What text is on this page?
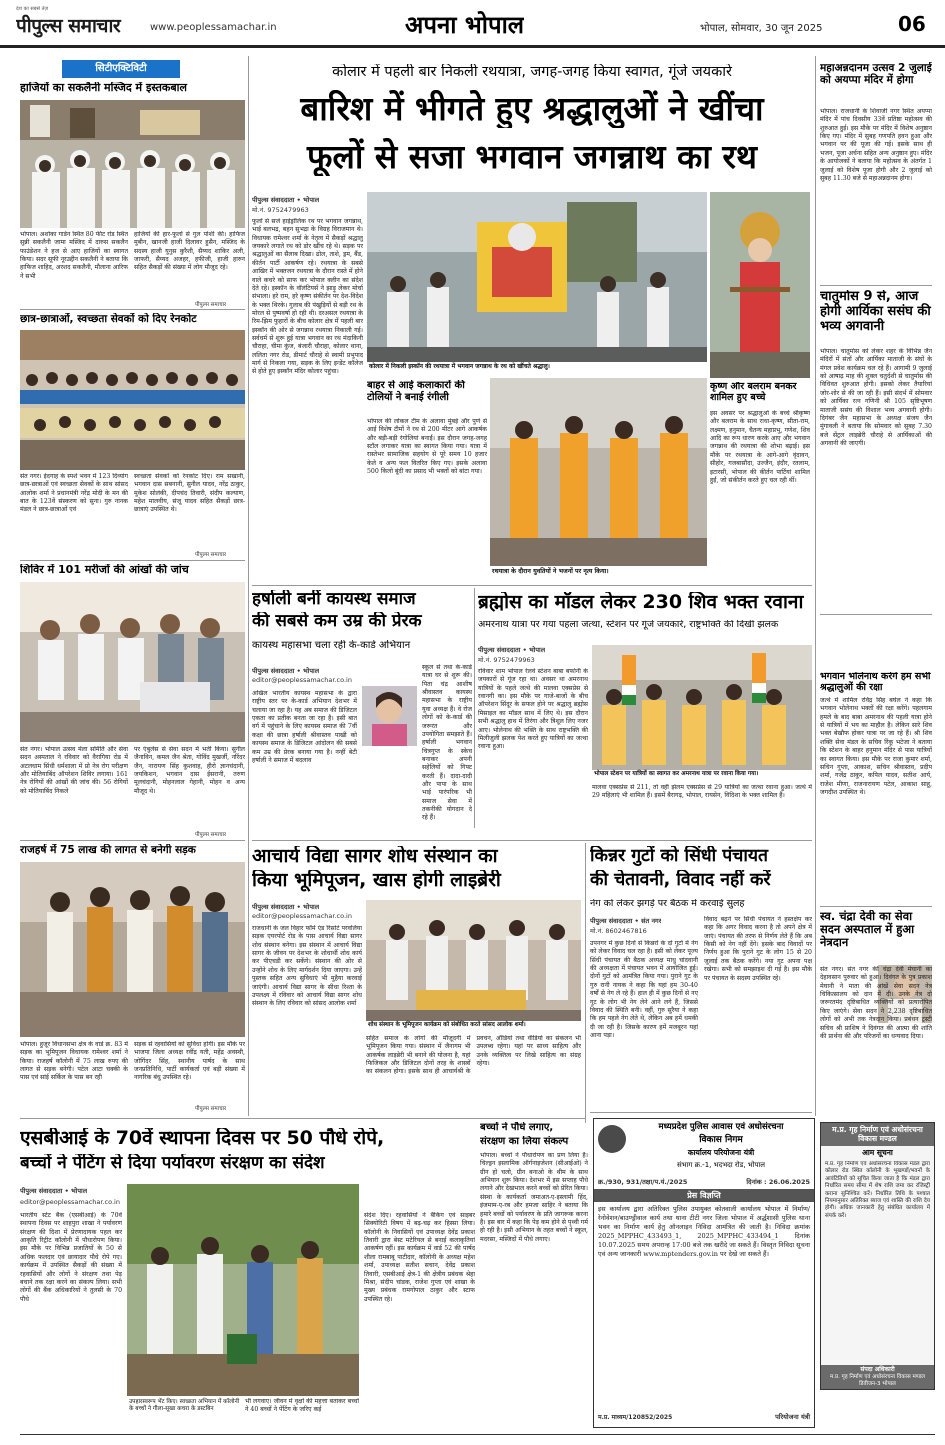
देश का सबसे तेज़
पीपुल्स समाचार	www.peoplessamachar.in	अपना भोपाल	भोपाल, सोमवार, 30 जून 2025	06
सिटीएक्टिविटी
हाजियों का सकलैनी मस्जिद में इस्तकबाल
भोपाल। अशोका गार्डन स्थित 80 फीट रोड स्थित सुन्नी सकलैनी जामा मस्जिद में दारुस सकलैन फाउंडेशन ने हज से आए हाजियों का स्वागत किया। सदर सूफी नूरउद्दीन सकलैनी ने बताया कि हाफिज शाहिद, अरशद सकलैनी, मौलाना आरिफ ने सभी
हाजियों की हार-फूलों से गुल पोशी की। हाफिज मुबीन, खानजी हाजी दिलावर हुसैन, मस्जिद के सदस्य हाजी युनुस कुरैशी, सैय्यद शाकिर अली, जाफरी, सैय्यद अजहर, हफीजी, हाजी हारुन सहित सैकड़ों की संख्या में लोग मौजूद रहे।
पीपुल्स समाचार
छात्र-छात्राओं, स्वच्छता सेवकों को दिए रेनकोट
संत नगर। ईदगाह के स्पर्श भवन में 123 दिव्यांग छात्र-छात्राओं एवं स्वच्छता सेवकों के साथ सांसद आलोक शर्मा ने प्रधानमंत्री नरेंद्र मोदी के मन की बात के 123वें संस्करण को सुना। गुरु नानक मंडल ने छात्र-छात्राओं एवं
स्वच्छता सेवकों को रेनकोट दिए। राम सखानी, भगवान दास सबनानी, सुनील यादव, नरेंद्र ठाकुर, मुकेश सोलंकी, दीपचंद तिवारी, संदीप कल्याण, महेश मालवीय, संजू यादव सहित सैकड़ों छात्र-छात्राएं उपस्थित थे।
पीपुल्स समाचार
शिविर में 101 मरीजों की आंखों की जांच
संत नगर। भोपाल उत्सव मेला समिति और सेवा सदन अस्पताल ने रविवार को वैरागिया रोड में अटलधाम सिंधी धर्मशाला में प्रो नेत्र रोग परीक्षण और मोतियाबिंद ऑपरेशन शिविर लगाया। 161 नेत्र रोगियों की आंखों की जांच की। 56 रोगियों को मोतियाबिंद निकले
पर एंबुलेंस से सेवा सदन में भर्ती किया। सुनील जैनाविन, कमल जैन श्रेता, गोविंद मुखर्जी, नरिंदर जैन, नारायण सिंह कुशवाह, हीरो ज्ञानचंदानी, जयकिशन, भगवान दास ईसरानी, तरुण मूलचंदानी, मोहनलाल गेहानी, मोहन व अन्य मौजूद थे।
पीपुल्स समाचार
राजहर्ष में 75 लाख की लागत से बनेगी सड़क
भोपाल। हुजूर विधानसभा क्षेत्र के वार्ड क्र. 83 में सड़क का भूमिपूजन विधायक रामेश्वर शर्मा ने किया। राजहर्ष कॉलोनी में 75 लाख रुपए की लागत से सड़क बनेगी। पटेल आटा चक्की के पास एवं सांई सर्किल के पास बन रही
सड़क से रहवासियों को सुविधा होगी। इस मौके पर भाजपा जिला अध्यक्ष रवींद्र यती, महेंद्र अवस्थी, जोगिंदर सिंह, स्थानीय पार्षद के साथ जनप्रतिनिधि, पार्टी कार्यकर्ता एवं बड़ी संख्या में नागरिक बंधु उपस्थित रहे।
पीपुल्स समाचार
कोलार में पहली बार निकली रथयात्रा, जगह-जगह किया स्वागत, गूंजे जयकारे
बारिश में भीगते हुए श्रद्धालुओं ने खींचा
फूलों से सजा भगवान जगन्नाथ का रथ
पीपुल्स संवाददाता • भोपाल
मो.नं. 9752479963
फूलों से सजे हाईड्रोलिक रथ पर भगवान जगन्नाथ, भाई बलभद्र, बहन सुभद्रा के विग्रह विराजमान थे। विधायक रामेश्वर शर्मा के नेतृत्व में सैकड़ों श्रद्धालु जयकारे लगाते रथ को डोर खींच रहे थे। सड़क पर श्रद्धालुओं का सैलाब दिखा। ढोल, ताशे, ड्रम, बैंड, कीर्तन पार्टी आकर्षण रहे। रथयात्रा के सबसे आखिर में भक्तजन रथयात्रा के दौरान रास्ते में होने वाले कचरे को साफ कर भोपाल क्लीन का संदेश देते रहे। इस्कॉन के वॉलंटियर्स ने झाड़ू लेकर मोर्चा संभाला। हरे राम, हरे कृष्ण संकीर्तन पर देश-विदेश के भक्त थिरके। गुलाब की पंखुड़ियों से बड़ी रथ के मोरल से पुष्पवर्षा हो रही थी। दरअसल रथयात्रा के रिम-झिम फुहारों के बीच कोलार क्षेत्र में पहली बार इस्कॉन की ओर से जगन्नाथ रथयात्रा निकाली गई। सर्वधर्म से शुरू हुई यात्रा भगवान का रथ मंदाकिनी चौराहा, चीमा कुंज, बंजारी चौराहा, कोलार थाना, ललिता नगर रोड, डीमार्ट चौराहे से स्वामी प्रभुपाद मार्ग से निकला गया, सड़क के लिए इन्डेंट कॉलेज से होते हुए इस्कॉन मंदिर कोलार पहुंचा।
कोलार में निकली इस्कॉन की रथयात्रा में भगवान जगन्नाथ के रथ को खींचते श्रद्धालु।
बाहर से आई कलाकारों की टोलियों ने बनाई रंगीली
भोपाल की लोकल टीम के अलावा मुंबई और पुणे से आई विशेष टीमों ने रथ से 200 मीटर आगे आकर्षक और बड़ी-बड़ी रंगोलियां बनाईं। इस दौरान जगह-जगह स्टॉल लगाकर यात्रा का स्वागत किया गया। यात्रा में रास्तेभर सामाजिक सहयोग से पूरे समय 10 हजार केले व अन्य फल वितरित किए गए। इसके अलावा 500 किलो बूंदी का प्रसाद भी भक्तों को बांटा गया।
रथयात्रा के दौरान युवतियों ने भजनों पर नृत्य किया।
कृष्ण और बलराम बनकर शामिल हुए बच्चे
इस अवसर पर श्रद्धालुओं के बच्चे श्रीकृष्ण और बलराम के साथ राधा-कृष्ण, सीता-राम, लक्ष्मण, हनुमान, चैतन्य महाप्रभु, गणेश, शिव आदि का रूप धारण करके आए और भगवान जगन्नाथ की रथयात्रा की शोभा बढ़ाई। इस मौके पर रथयात्रा के आगे-आगे वृंदावन, सीहोर, गजबासौदा, उज्जैन, इंदौर, रतलाम, इटारसी, भोपाल की कीर्तन पार्टियां शामिल हुईं, जो संकीर्तन करते हुए चल रही थीं।
महाअन्नदानम उत्सव 2 जुलाई को अयप्पा मंदिर में होगा
भोपाल। राजधानी के शिवाजी नगर स्थित अयप्पा मंदिर में पांच दिवसीय 33वें प्रतिष्ठा महोत्सव की शुरुआत हुई। इस मौके पर मंदिर में विशेष अनुष्ठान किए गए। मंदिर में सुबह गणपति हवन हुआ और भगवान पर की पूजा की गई। इसके साथ ही भजन, पूजा अर्चना सहित अन्य अनुष्ठान हुए। मंदिर के आयोजकों ने बताया कि महोत्सव के अंतर्गत 1 जुलाई को विशेष पूजा होगी और 2 जुलाई को सुबह 11.30 बजे से महाअन्नदानम होगा।
चातुर्मास 9 से, आज होगी आर्यिका ससंघ की भव्य अगवानी
भोपाल। चातुर्मास को लेकर शहर के विभिन्न जैन मंदिरों में संतों और आर्यिका माताजी के संघों के मंगल प्रवेश कार्यक्रम चल रहे हैं। आगामी 9 जुलाई को आषाढ़ माह की शुक्ल चतुर्दशी से चातुर्मास की विधिवत शुरुआत होगी। इसको लेकर तैयारियां जोर-शोर से की जा रही हैं। इसी संदर्भ में सोमवार को आर्यिका रत्न गणिनी श्री 105 सृष्टिभूषण माताजी ससंघ की विशाल भव्य अगवानी होगी। दिगंबर जैन महासभा के अध्यक्ष संजय जैन मुंगावली ने बताया कि सोमवार को सुबह 7.30 बजे सेंट्रल लाइब्रेरी चौराहे से आर्यिकाओं की अगवानी की जाएगी।
भगवान भोलेनाथ करेंगे हम सभी श्रद्धालुओं की रक्षा
जत्थे में शामिल रविंद्र सिंह बघेल ने कहा कि भगवान भोलेनाथ भक्तों की रक्षा करेंगे। पहलगाम हमले के बाद बाबा अमरनाथ की पहली यात्रा होने से यात्रियों में भय का माहौल है। लेकिन सारे शिव भक्त बेखौफ होकर यात्रा पर जा रहे हैं। श्री शिव शक्ति सेवा मंडल के सचिव रिंकू भटेजा ने बताया कि स्टेशन के बाहर हनुमान मंदिर से पास यात्रियों का स्वागत किया। इस मौके पर राजा कुमार शर्मा, सचिन गुप्ता, आकाश, सचिन श्रीवास्तव, प्रदीप शर्मा, गजेंद्र ठाकुर, कपिल यादव, सतीश आर्य, राजेश मीणा, राजनारायण पटेल, आकाश साहू, जगदीश उपस्थित थे।
स्व. चंद्रा देवी का सेवा सदन अस्पताल में हुआ नेत्रदान
संत नगर। संत नगर की चंद्रा देवी मेघानी का देहावसान पुरुवार को हुआ। दिवंगत के पुत्र प्रकाश मेघानी ने माता की आंखें सेवा सदन नेत्र चिकित्सालय को दान में दी। उनके नेत्र दो जरूरतमंद दृष्टिबाधित व्यक्तियों को प्रत्यारोपित किए जाएंगे। सेवा सदन ने 2,238 दृष्टिबाधित लोगों को अभी तक नेत्रदान किया। प्रबंधन ट्रस्टी सचिव श्री प्राशिष ने दिवंगत की आत्मा की शांति की प्रार्थना की और परिजनों का धन्यवाद दिया।
म.प्र. गृह निर्माण एवं अधोसंरचना विकास मण्डल
आम सूचना
म.प्र. गृह निर्माण एवं अधोसंरचना विकास मंडल द्वारा कोलार रोड स्थित कॉलोनी के भूखण्डों/भवनों के आवंटितियों को सूचित किया जाता है कि मंडल द्वारा निर्धारित समय सीमा में शेष राशि जमा कर रजिस्ट्री कराना सुनिश्चित करें। निर्धारित तिथि के पश्चात नियमानुसार अतिरिक्त ब्याज एवं शास्ति की राशि देय होगी। अधिक जानकारी हेतु संबंधित कार्यालय में संपर्क करें।
संपदा अधिकारी
म.प्र. गृह निर्माण एवं अधोसंरचना विकास मण्डल डिवीजन-3 भोपाल
हर्षाली बनीं कायस्थ समाज
की सबसे कम उम्र की प्रेरक
कायस्थ महासभा चला रही के-कार्ड अभियान
पीपुल्स संवाददाता • भोपाल
editor@peoplessamachar.co.in
अखिल भारतीय कायस्थ महासभा के द्वारा राष्ट्रीय स्तर पर के-कार्ड अभियान देशभर में चलाया जा रहा है। यह अब समाज की डिजिटल एकता का प्रतीक बनता जा रहा है। इसी बात वर्ग में पहुंचाने के लिए कायस्थ समाज की 7वीं कक्षा की छात्रा हर्षाली श्रीवास्तव पाखी को कायस्थ समाज के डिजिटल आंदोलन की सबसे कम उम्र की प्रेरक बनाया गया है। नन्हीं बेटी हर्षाली ने समाज में बदलाव
स्कूल से तथा के-कार्ड यात्रा घर से शुरू की। पिता चंद्र आशीष श्रीवास्तव कायस्थ महासभा के राष्ट्रीय युवा अध्यक्ष हैं। वे रोज लोगों को के-कार्ड की जरूरत और उपयोगिता समझाते हैं। हर्षाली भगवान चित्रगुप्त के स्केच बनाकर अपनी सहेलियों को गिफ्ट करती हैं। दादा-दादी और पापा के साथ भाई पारंपरिक भी समाज सेवा में तकनीकी योगदान दे रहे हैं।
ब्रह्मोस का मॉडल लेकर 230 शिव भक्त रवाना
अमरनाथ यात्रा पर गया पहला जत्था, स्टेशन पर गूंजे जयकारे, राष्ट्रभक्ति की दिखी झलक
पीपुल्स संवाददाता • भोपाल
मो.नं. 9752479963
रविवार शाम भोपाल रेलवे स्टेशन बाबा बर्फानी के जयकारों से गूंज रहा था। अवसर था अमरनाथ यात्रियों के पहले जत्थे की मालवा एक्सप्रेस से रवानगी का। इस मौके पर गाजे-बाजों के बीच ऑपरेशन सिंदूर के सफल होने पर श्रद्धालु ब्रह्मोस मिसाइल का मॉडल साथ में लिए थे। इस दौरान सभी श्रद्धालु हाथ में तिरंगा और त्रिशूल लिए नजर आए। भोलेनाथ की भक्ति के साथ राष्ट्रभक्ति की मिलीजुली झलक पेश करते हुए यात्रियों का जत्था रवाना हुआ।
भोपाल स्टेशन पर यात्रियों का स्वागत कर अमरनाथ यात्रा पर रवाना किया गया।
मालवा एक्सप्रेस से 211, तो वहीं झेलम एक्सप्रेस से 29 यात्रियों का जत्था रवाना हुआ। जत्थे में 29 महिलाएं भी शामिल हैं। इसमें बैरागढ़, भोपाल, रायसेन, विदिशा के भक्त शामिल हैं।
आचार्य विद्या सागर शोध संस्थान का
किया भूमिपूजन, खास होगी लाइब्रेरी
पीपुल्स संवाददाता • भोपाल
editor@peoplessamachar.co.in
राजधानी के जल विहार फॉर्म एंड रिसोर्ट परवलिया सड़क एयरपोर्ट रोड के पास आचार्य विद्या सागर शोध संस्थान बनेगा। इस संस्थान में आचार्य विद्या सागर के जीवन पर देशभर के शोधार्थी शोध कार्य कर पीएचडी कर सकेंगे। संस्थान की ओर से उन्होंने शोध के लिए मार्गदर्शन दिया जाएगा। उन्हें पुस्तक सहित अन्य सुविधाएं भी मुहैया करवाई जाएंगी। आचार्य विद्या सागर के सीधा रिश्ता के उपलक्ष्य में रविवार को आचार्य विद्या सागर शोध संस्थान के लिए रविवार को सांसद आलोक शर्मा
शोध संस्थान के भूमिपूजन कार्यक्रम को संबोधित करते सांसद आलोक शर्मा।
सहित समाज के लोगों की मौजूदगी में भूमिपूजन किया गया। संस्थान में जैनागम भी आकर्षक लाइब्रेरी भी बनाने की योजना है, यहां फिजिकल और डिजिटल दोनों तरह के शास्त्रों का संकलन होगा। इसके साथ ही आचार्यश्री के प्रवचन, ऑडियो तथा वीडियो का संकलन भी उपलब्ध रहेगा। यहां पर साध्य साहित्य और उनके व्यक्तित्व पर लिखे साहित्य का संग्रह रहेगा।
किन्नर गुटों को सिंधी पंचायत
की चेतावनी, विवाद नहीं करें
नेग को लेकर झगड़े पर बैठक में करवाई सुलह
पीपुल्स संवाददाता • संत नगर
मो.नं. 8602467816
उपनगर में कुछ दिनों से किन्नरों के दो गुटों में नेग को लेकर विवाद चल रहा है। इसी को लेकर पूज्य सिंधी पंचायत की बैठक अध्यक्ष माधु चांदवानी की अध्यक्षता में पंचायत भवन में आयोजित हुई। दोनों गुटों को आमंत्रित किया गया। पुराने गुट के गुरु रानी नायक ने कहा कि यहां हम 30-40 वर्षों से नेग ले रहे हैं। हाल ही में कुछ दिनों से नए गुट के लोग भी नेग लेने आने लगे हैं, जिससे विवाद की स्थिति बनी। वहीं, गुरु सुरैया ने कहा कि हम पहले नेग लेते थे, लेकिन अब हमें धमकी दी जा रही है। जिसके कारण हमें मजबूरन यहां आना पड़ा।
विवाद बढ़ने पर सिंधी पंचायत ने हस्तक्षेप कर कहा कि अगर विवाद करना है तो अपने क्षेत्र में जाएं। पंचायत की तरफ से निर्णय लेते हैं कि अब किसी को नेग नहीं देंगे। इसके बाद विवादों पर निर्णय हुआ कि पुराने गुट के लोग 15 से 20 जुलाई तक बैठक करेंगे। नया गुट अपना पक्ष रखेगा। सभी को समझाइश दी गई है। इस मौके पर पंचायत के सदस्य उपस्थित रहे।
बच्चों ने पौधे लगाए,
संरक्षण का लिया संकल्प
भोपाल। बच्चों ने पौधारोपण का प्रण लिया है। चिल्ड्रन इस्लामिक ऑर्गनाइजेशन (सीआईओ) ने ग्रीन हो चलो, ग्रीन बनाओ के थीम के साथ अभियान शुरू किया। देशभर में इस सप्ताह पौधे लगाने और देखभाल करने बच्चों को प्रेरित किया। संस्था के कार्यकर्ता जमाअत-ए-इस्लामी हिंद, इंजमाम-ए-रब और हमजा साहिर ने बताया कि हमारे बच्चों को पर्यावरण के प्रति जागरूक करना है। इस बार में कहा कि पेड़ कम होने से पृथ्वी गर्म हो रही है। इसी अभियान के तहत बच्चों ने स्कूल, मदरसा, मस्जिदों में पौधे लगाए।
मध्यप्रदेश पुलिस आवास एवं अधोसंरचना
विकास निगम
कार्यालय परियोजना यंत्री
संभाग क्र.-1, भदभदा रोड, भोपाल
क्र./930, 931/तक्षा/प.यं./2025	दिनांक : 26.06.2025
प्रेस विज्ञप्ति
इस कार्यालय द्वारा अतिरिक्त पुलिस उपायुक्त कोतवाली कार्यालय भोपाल में निर्माण/रेनोवेशन/बाउण्ड्रीवाल कार्य तथा थाना टीटी नगर जिला भोपाल में अर्द्धशासी पुलिस थाना भवन का निर्माण कार्य हेतु ऑनलाइन निविदा आमंत्रित की जाती है। निविदा क्रमांक 2025_MPPHC_433493_1, 2025_MPPHC_433494_1 दिनांक 10.07.2025 समय अपरान्ह 17:00 बजे तक खरीदे जा सकते हैं। विस्तृत निविदा सूचना एवं अन्य जानकारी www.mptenders.gov.in पर देखे जा सकते हैं।
म.प्र. माध्यम/120852/2025	परियोजना यंत्री
एसबीआई के 70वें स्थापना दिवस पर 50 पौधे रोपे,
बच्चों ने पेंटिंग से दिया पर्यावरण संरक्षण का संदेश
पीपुल्स संवाददाता • भोपाल
editor@peoplessamachar.co.in
भारतीय स्टेट बैंक (एसबीआई) के 70वें स्थापना दिवस पर शाहपुरा शाखा ने पर्यावरण संरक्षण की दिशा में प्रेरणादायक पहल कर आकृति रिट्रीट कॉलोनी में पौधारोपण किया। इस मौके पर विभिन्न प्रजातियों के 50 से अधिक फलदार एवं छायादार पौधे रोपे गए। कार्यक्रम में उपस्थित सैकड़ों की संख्या में रहवासियों और लोगों ने संरक्षण तथा पेड़ बचाने तक रक्षा करने का संकल्प लिया। सभी लोगों की बैंक अधिकारियों ने तुलसी के 70 पौधे
उपहारस्वरूप भेंट किए। स्वच्छता अभियान में कॉलोनी के बच्चों ने गीला-सूखा कचरा के डस्टबिन
भी लगवाए। जीवन में वृक्षों की महत्ता बताकर बच्चों ने 40 बच्चों ने पेंटिंग के जरिए कई
संदेश दिए। रहवासियों ने बैंकिंग एवं साइबर सिक्योरिटी विषय में बढ़-चढ़ कर हिस्सा लिया। कॉलोनी के निवासियों एवं उपाध्यक्ष देवेंद्र प्रकाश तिवारी द्वारा बेस्ट मटेरियल से बनाई कलाकृतियां आकर्षण रहीं। इस कार्यक्रम में वार्ड 52 की पार्षद शीला रामबाबू पाटीदार, कॉलोनी के अध्यक्ष महेश शर्मा, उपाध्यक्ष सतीश सचान, देवेंद्र प्रकाश तिवारी, एसबीआई क्षेत्र-1 की क्षेत्रीय प्रबंधक श्रेहा मिश्रा, संदीप चांडक, राजेश गुप्ता एवं शाखा के मुख्य प्रबंधक रामगोपाल ठाकुर और स्टाफ उपस्थित रहे।
